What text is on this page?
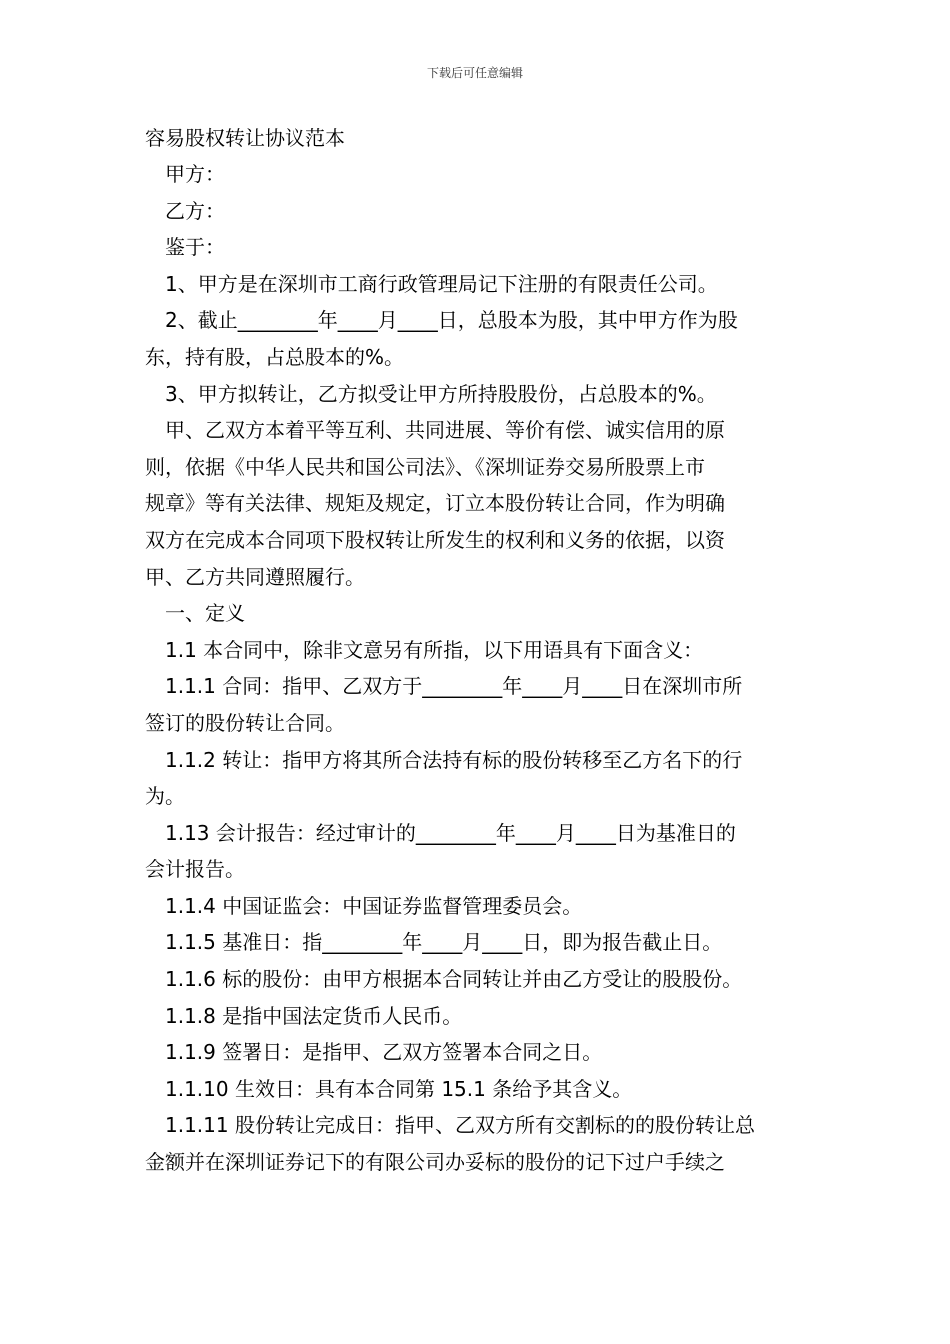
下载后可任意编辑
容易股权转让协议范本
甲方：
乙方：
鉴于：
1、甲方是在深圳市工商行政管理局记下注册的有限责任公司。
2、截止________年____月____日，总股本为股，其中甲方作为股
东，持有股，占总股本的%。
3、甲方拟转让，乙方拟受让甲方所持股股份，占总股本的%。
甲、乙双方本着平等互利、共同进展、等价有偿、诚实信用的原
则，依据《中华人民共和国公司法》、《深圳证券交易所股票上市
规章》等有关法律、规矩及规定，订立本股份转让合同，作为明确
双方在完成本合同项下股权转让所发生的权利和义务的依据，以资
甲、乙方共同遵照履行。
一、定义
1.1 本合同中，除非文意另有所指，以下用语具有下面含义：
1.1.1 合同：指甲、乙双方于________年____月____日在深圳市所
签订的股份转让合同。
1.1.2 转让：指甲方将其所合法持有标的股份转移至乙方名下的行
为。
1.13 会计报告：经过审计的________年____月____日为基准日的
会计报告。
1.1.4 中国证监会：中国证券监督管理委员会。
1.1.5 基准日：指________年____月____日，即为报告截止日。
1.1.6 标的股份：由甲方根据本合同转让并由乙方受让的股股份。
1.1.8 是指中国法定货币人民币。
1.1.9 签署日：是指甲、乙双方签署本合同之日。
1.1.10 生效日：具有本合同第 15.1 条给予其含义。
1.1.11 股份转让完成日：指甲、乙双方所有交割标的的股份转让总
金额并在深圳证券记下的有限公司办妥标的股份的记下过户手续之
